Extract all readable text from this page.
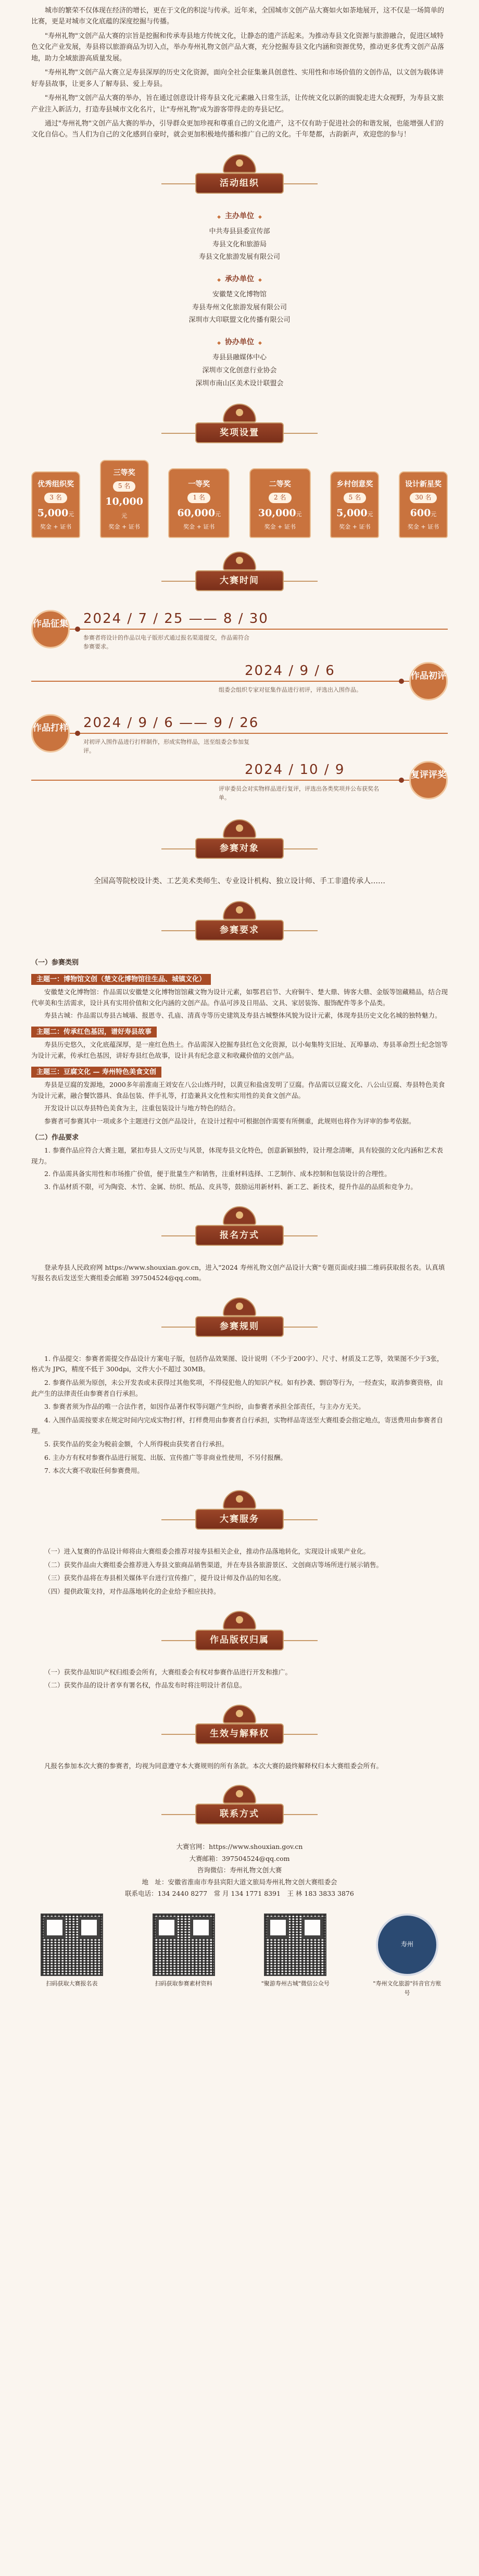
城市的繁荣不仅体现在经济的增长，更在于文化的积淀与传承。近年来，全国城市文创产品大赛如火如荼地展开，这不仅是一场简单的比赛，更是对城市文化底蕴的深度挖掘与传播。

"寿州礼物"文创产品大赛的宗旨是挖掘和传承寿县地方传统文化，让静态的遗产活起来。为推动寿县文化资源与旅游融合，促进区域特色文化产业发展，寿县将以旅游商品为切入点，举办寿州礼物文创产品大赛，充分挖掘寿县文化内涵和资源优势，推动更多优秀文创产品落地，助力全域旅游高质量发展。

"寿州礼物"文创产品大赛立足寿县深厚的历史文化资源，面向全社会征集兼具创意性、实用性和市场价值的文创作品，以文创为载体讲好寿县故事，让更多人了解寿县、爱上寿县。

"寿州礼物"文创产品大赛的举办，旨在通过创意设计将寿县文化元素融入日常生活，让传统文化以新的面貌走进大众视野，为寿县文旅产业注入新活力，打造寿县城市文化名片，让"寿州礼物"成为游客带得走的寿县记忆。

通过"寿州礼物"文创产品大赛的举办，引导群众更加珍视和尊重自己的文化遗产，这不仅有助于促进社会的和谐发展，也能增强人们的文化自信心。当人们为自己的文化感到自豪时，就会更加积极地传播和推广自己的文化。千年楚都，古韵新声，欢迎您的参与！

活动组织
◆ 主办单位 ◆

中共寿县县委宣传部

寿县文化和旅游局

寿县文化旅游发展有限公司

◆ 承办单位 ◆

安徽楚文化博物馆

寿县寿州文化旅游发展有限公司

深圳市大印联盟文化传播有限公司

◆ 协办单位 ◆

寿县县融媒体中心

深圳市文化创意行业协会

深圳市南山区美术设计联盟会

奖项设置
优秀组织奖
3 名
5,000元
奖金 + 证书
三等奖
5 名
10,000元
奖金 + 证书
一等奖
1 名
60,000元
奖金 + 证书
二等奖
2 名
30,000元
奖金 + 证书
乡村创意奖
5 名
5,000元
奖金 + 证书
设计新星奖
30 名
600元
奖金 + 证书
大赛时间
作品征集 2024 / 7 / 25 —— 8 / 30
参赛者将设计的作品以电子版形式通过报名渠道提交，作品需符合参赛要求。
作品初评
2024 / 9 / 6
组委会组织专家对征集作品进行初评，评选出入围作品。
作品打样 2024 / 9 / 6 —— 9 / 26
对初评入围作品进行打样制作，形成实物样品，送至组委会参加复评。
复评评奖
2024 / 10 / 9
评审委员会对实物样品进行复评，评选出各类奖项并公布获奖名单。
参赛对象

全国高等院校设计类、工艺美术类师生、专业设计机构、独立设计师、手工非遗传承人……

参赛要求
（一）参赛类别
主题一：博物馆文创（楚文化博物馆往生品、城镇文化）

安徽楚文化博物馆：作品需以安徽楚文化博物馆馆藏文物为设计元素，如鄂君启节、大府铜牛、楚大鼎、铸客大鼎、金版等馆藏精品，结合现代审美和生活需求，设计具有实用价值和文化内涵的文创产品。作品可涉及日用品、文具、家居装饰、服饰配件等多个品类。

寿县古城：作品需以寿县古城墙、报恩寺、孔庙、清真寺等历史建筑及寿县古城整体风貌为设计元素，体现寿县历史文化名城的独特魅力。

主题二：传承红色基因，谱好寿县故事

寿县历史悠久，文化底蕴深厚，是一座红色热土。作品需深入挖掘寿县红色文化资源，以小甸集特支旧址、瓦埠暴动、寿县革命烈士纪念馆等为设计元素，传承红色基因，讲好寿县红色故事，设计具有纪念意义和收藏价值的文创产品。

主题三：豆腐文化 — 寿州特色美食文创

寿县是豆腐的发源地，2000多年前淮南王刘安在八公山炼丹时，以黄豆和盐卤发明了豆腐。作品需以豆腐文化、八公山豆腐、寿县特色美食为设计元素，融合餐饮器具、食品包装、伴手礼等，打造兼具文化性和实用性的美食文创产品。

开发设计以以寿县特色美食为主，注重包装设计与地方特色的结合。

参赛者可参赛其中一项或多个主题进行文创产品设计，在设计过程中可根据创作需要有所侧重，此规则也将作为评审的参考依据。

（二）作品要求

1. 参赛作品应符合大赛主题，紧扣寿县人文历史与风景，体现寿县文化特色，创意新颖独特，设计理念清晰，具有较强的文化内涵和艺术表现力。

2. 作品需具备实用性和市场推广价值，便于批量生产和销售，注重材料选择、工艺制作、成本控制和包装设计的合理性。

3. 作品材质不限，可为陶瓷、木竹、金属、纺织、纸品、皮具等，鼓励运用新材料、新工艺、新技术，提升作品的品质和竞争力。

报名方式

登录寿县人民政府网 https://www.shouxian.gov.cn，进入"2024 寿州礼物文创产品设计大赛"专题页面或扫描二维码获取报名表。认真填写报名表后发送至大赛组委会邮箱 397504524@qq.com。

参赛规则

1. 作品提交：参赛者需提交作品设计方案电子版，包括作品效果图、设计说明（不少于200字）、尺寸、材质及工艺等，效果图不少于3张，格式为 JPG，精度不低于 300dpi，文件大小不超过 30MB。

2. 参赛作品须为原创，未公开发表或未获得过其他奖项，不得侵犯他人的知识产权。如有抄袭、剽窃等行为，一经查实，取消参赛资格，由此产生的法律责任由参赛者自行承担。

3. 参赛者须为作品的唯一合法作者，如因作品著作权等问题产生纠纷，由参赛者承担全部责任，与主办方无关。

4. 入围作品需按要求在规定时间内完成实物打样，打样费用由参赛者自行承担，实物样品寄送至大赛组委会指定地点，寄送费用由参赛者自理。

5. 获奖作品的奖金为税前金额，个人所得税由获奖者自行承担。

6. 主办方有权对参赛作品进行展览、出版、宣传推广等非商业性使用，不另付报酬。

7. 本次大赛不收取任何参赛费用。

大赛服务

（一）进入复赛的作品设计师将由大赛组委会推荐对接寿县相关企业，推动作品落地转化，实现设计成果产业化。

（二）获奖作品由大赛组委会推荐进入寿县文旅商品销售渠道，并在寿县各旅游景区、文创商店等场所进行展示销售。

（三）获奖作品将在寿县相关媒体平台进行宣传推广，提升设计师及作品的知名度。

（四）提供政策支持，对作品落地转化的企业给予相应扶持。

作品版权归属

（一）获奖作品知识产权归组委会所有，大赛组委会有权对参赛作品进行开发和推广。

（二）获奖作品的设计者享有署名权，作品发布时将注明设计者信息。

生效与解释权

凡报名参加本次大赛的参赛者，均视为同意遵守本大赛规则的所有条款。本次大赛的最终解释权归本大赛组委会所有。

联系方式

大赛官网：https://www.shouxian.gov.cn

大赛邮箱：397504524@qq.com

咨询微信：寿州礼物文创大赛

地　址：安徽省淮南市寿县宾阳大道文旅局寿州礼物文创大赛组委会

联系电话：134 2440 8277　常 月 134 1771 8391　王 林 183 3833 3876

扫码获取大赛报名表	扫码获取参赛素材资料	"聚游寿州古城"微信公众号
寿州
"寿州文化旅游"抖音官方账号
